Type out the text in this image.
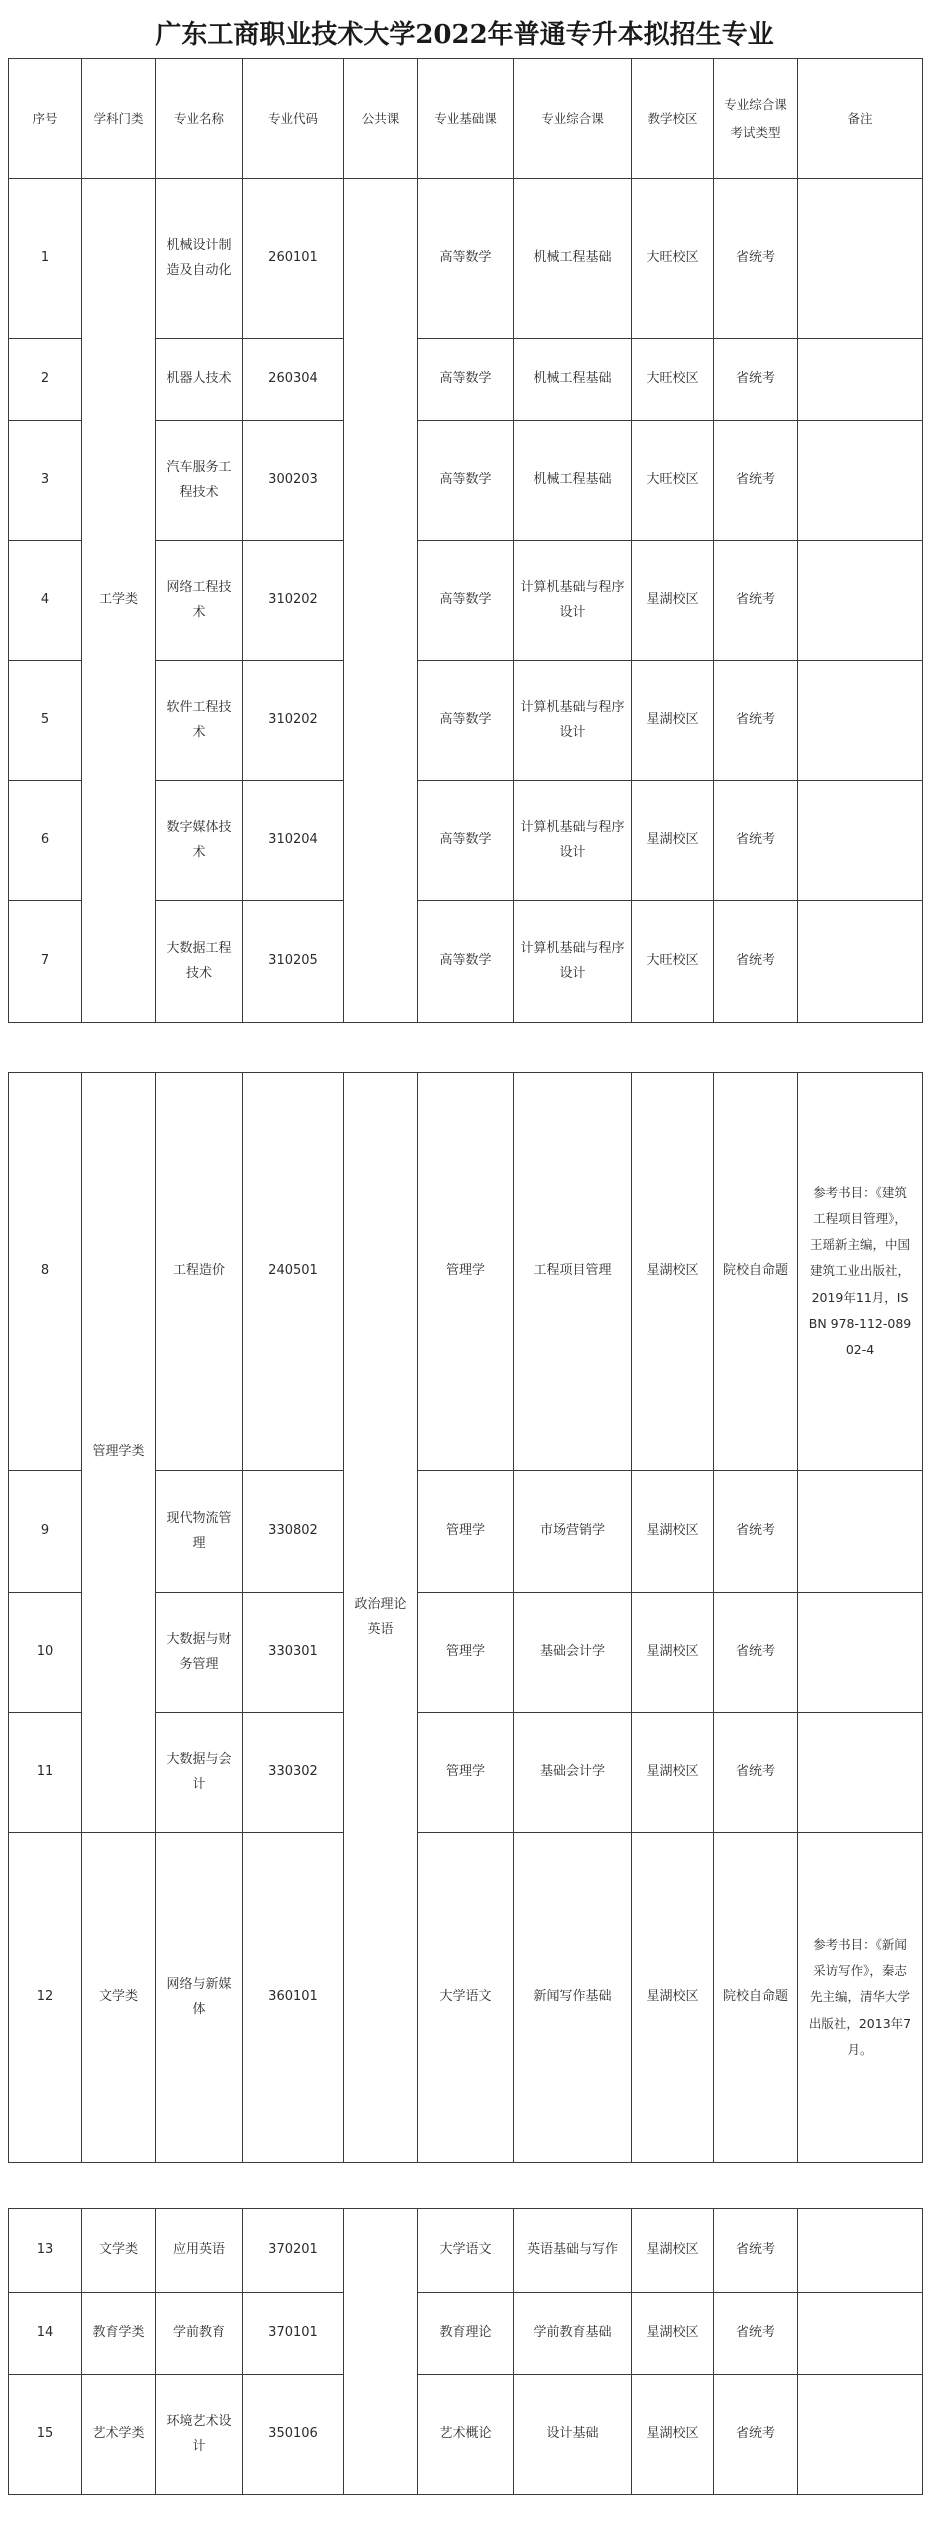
广东工商职业技术大学2022年普通专升本拟招生专业
序号	学科门类	专业名称	专业代码	公共课	专业基础课	专业综合课	教学校区	专业综合课考试类型	备注
1	工学类	机械设计制造及自动化	260101		高等数学	机械工程基础	大旺校区	省统考	
2		机器人技术	260304		高等数学	机械工程基础	大旺校区	省统考	
3		汽车服务工程技术	300203		高等数学	机械工程基础	大旺校区	省统考	
4		网络工程技术	310202		高等数学	计算机基础与程序设计	星湖校区	省统考	
5		软件工程技术	310202		高等数学	计算机基础与程序设计	星湖校区	省统考	
6		数字媒体技术	310204		高等数学	计算机基础与程序设计	星湖校区	省统考	
7		大数据工程技术	310205		高等数学	计算机基础与程序设计	大旺校区	省统考	
8	管理学类	工程造价	240501	政治理论英语	管理学	工程项目管理	星湖校区	院校自命题	参考书目：《建筑工程项目管理》，王瑶新主编，中国建筑工业出版社，2019年11月，ISBN 978-112-08902-4
9		现代物流管理	330802		管理学	市场营销学	星湖校区	省统考	
10		大数据与财务管理	330301		管理学	基础会计学	星湖校区	省统考	
11		大数据与会计	330302		管理学	基础会计学	星湖校区	省统考	
12	文学类	网络与新媒体	360101		大学语文	新闻写作基础	星湖校区	院校自命题	参考书目：《新闻采访写作》，秦志先主编，清华大学出版社，2013年7月。
13	文学类	应用英语	370201		大学语文	英语基础与写作	星湖校区	省统考	
14	教育学类	学前教育	370101		教育理论	学前教育基础	星湖校区	省统考	
15	艺术学类	环境艺术设计	350106		艺术概论	设计基础	星湖校区	省统考	
